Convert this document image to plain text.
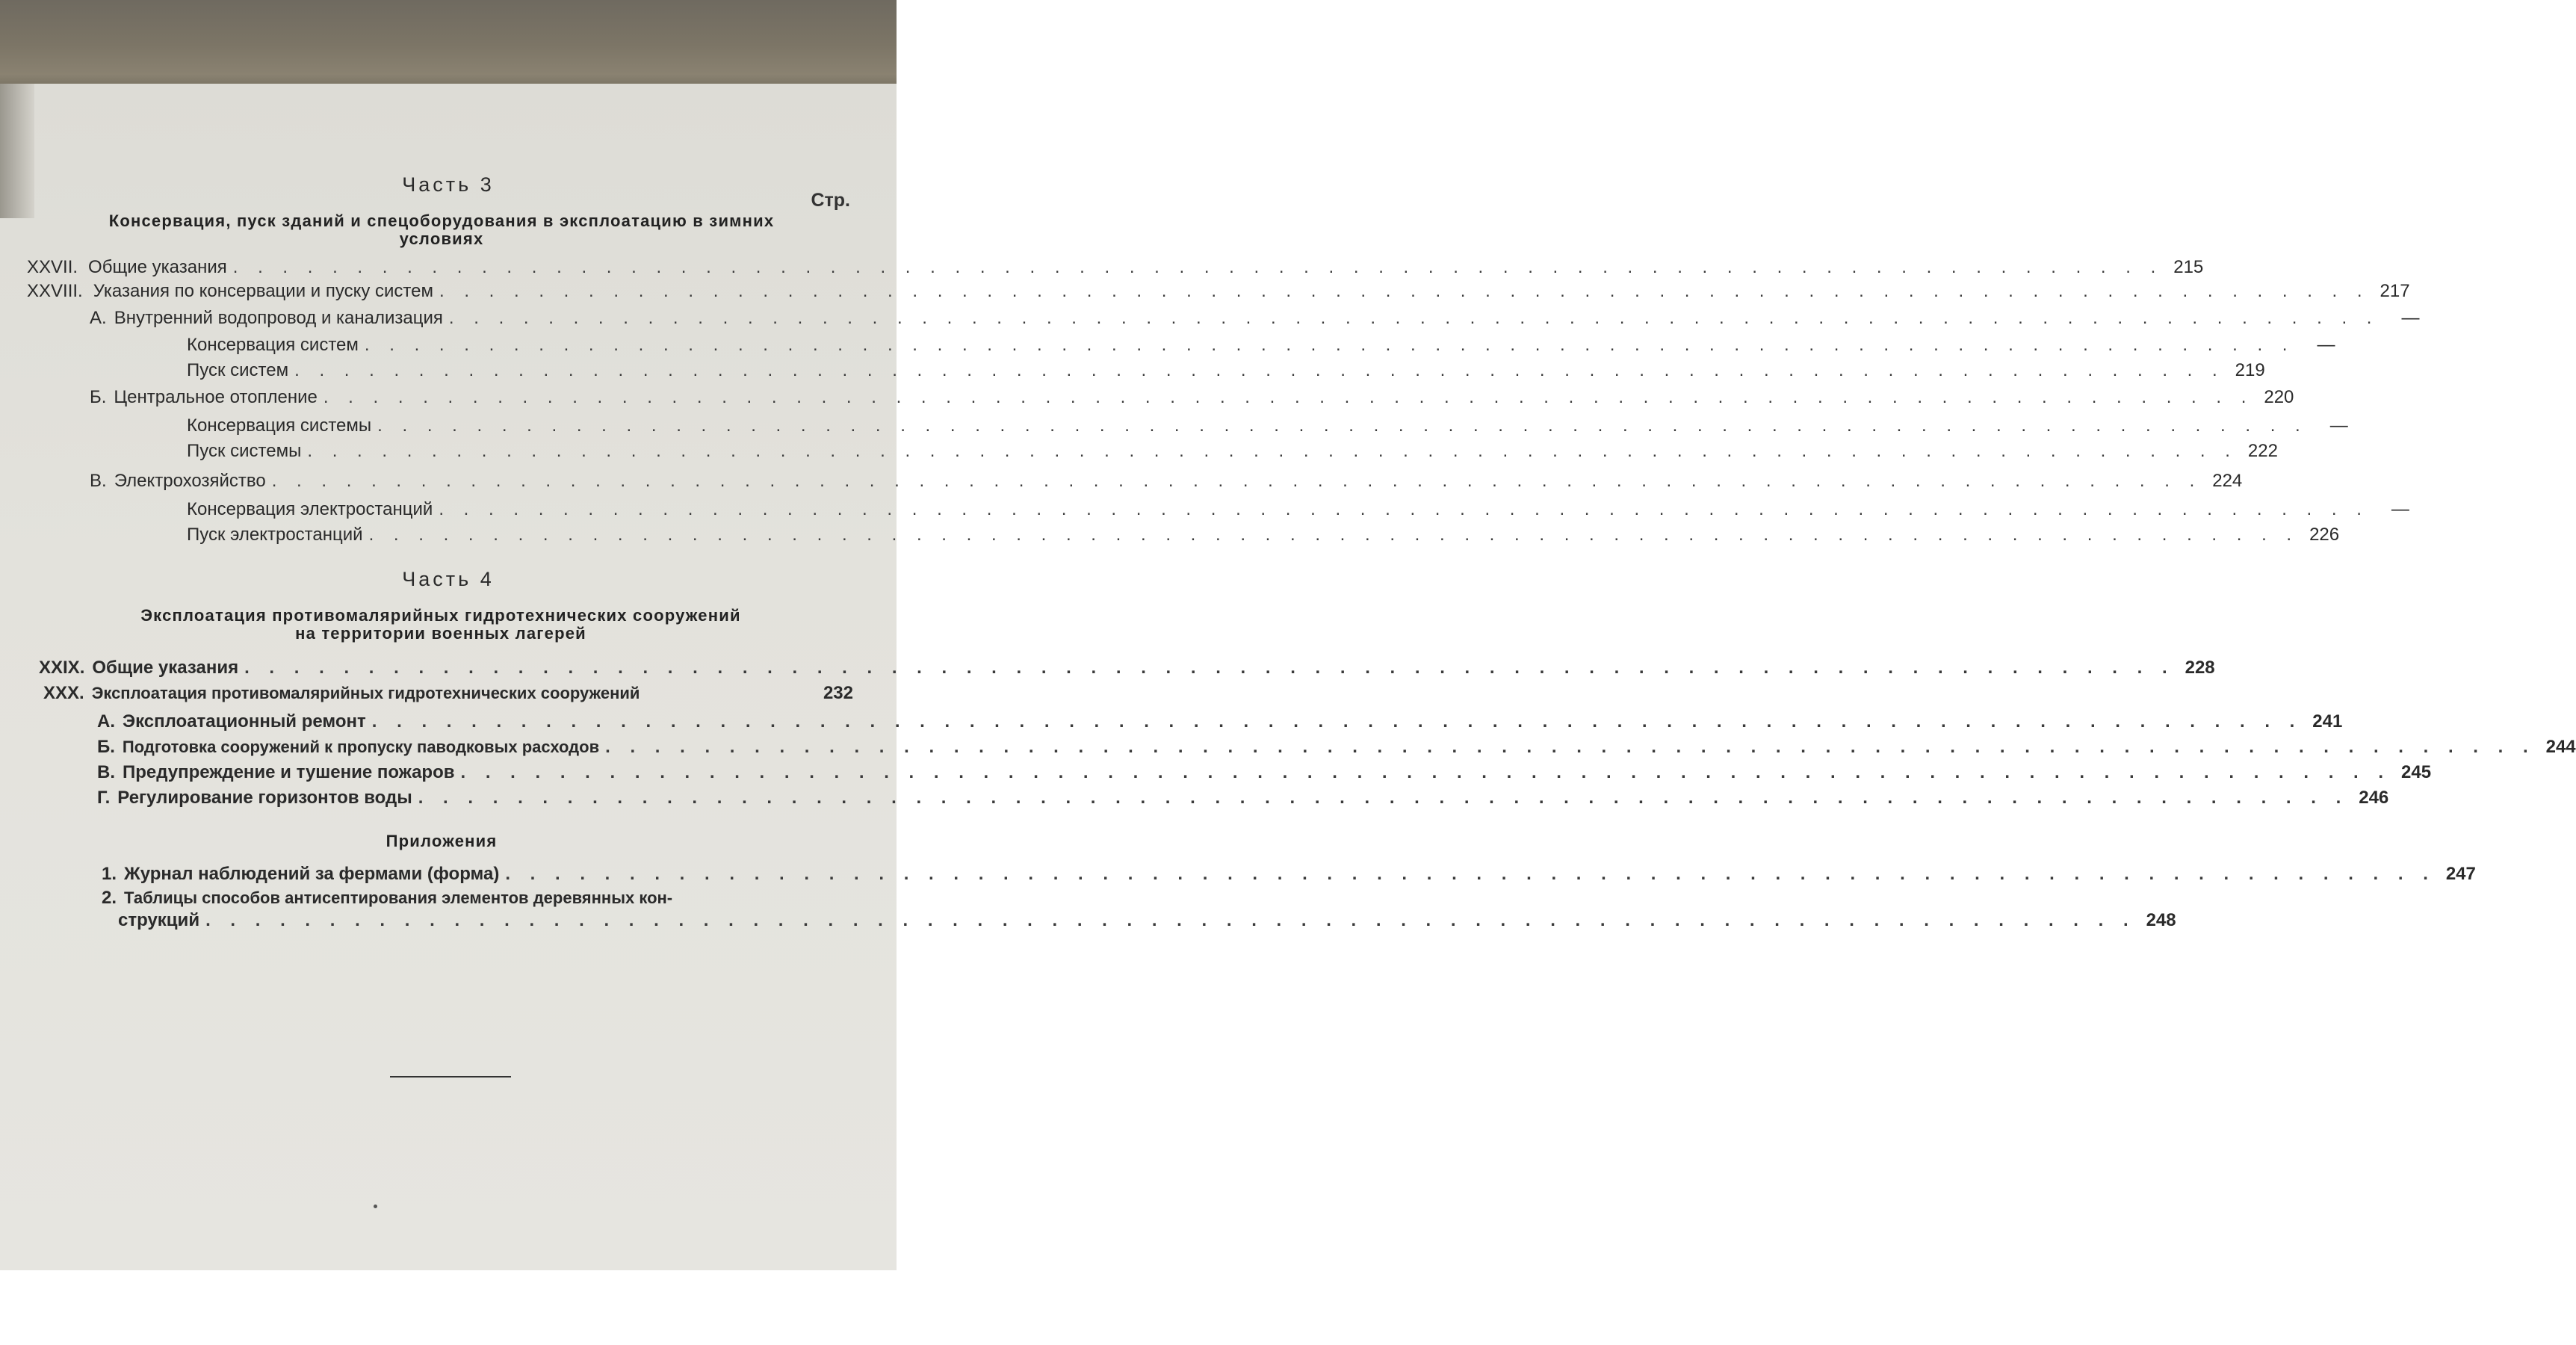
Стр.
Часть 3
Консервация, пуск зданий и спецоборудования в эксплоатацию в зимних
условиях
XXVII. Общие указания . . . . . . . . . . . . . . . . . . . . . . . . . . . . . . . . . . . . . . . . . . . . . . . . . . . . . . . . . . . . . . . . . . . . . . . . . . . . . . 215
XXVIII. Указания по консервации и пуску систем . . . . . . . . . . . . . . . . . . . . . . . . . . . . . . . . . . . . . . . . . . . . . . . . . . . . . . . . . . . . . . . . . . . . . . . . . . . . . . 217
А. Внутренний водопровод и канализация . . . . . . . . . . . . . . . . . . . . . . . . . . . . . . . . . . . . . . . . . . . . . . . . . . . . . . . . . . . . . . . . . . . . . . . . . . . . . .	—
Консервация систем . . . . . . . . . . . . . . . . . . . . . . . . . . . . . . . . . . . . . . . . . . . . . . . . . . . . . . . . . . . . . . . . . . . . . . . . . . . . . .	—
Пуск систем . . . . . . . . . . . . . . . . . . . . . . . . . . . . . . . . . . . . . . . . . . . . . . . . . . . . . . . . . . . . . . . . . . . . . . . . . . . . . . 219
Б. Центральное отопление . . . . . . . . . . . . . . . . . . . . . . . . . . . . . . . . . . . . . . . . . . . . . . . . . . . . . . . . . . . . . . . . . . . . . . . . . . . . . . 220
Консервация системы . . . . . . . . . . . . . . . . . . . . . . . . . . . . . . . . . . . . . . . . . . . . . . . . . . . . . . . . . . . . . . . . . . . . . . . . . . . . . .	—
Пуск системы . . . . . . . . . . . . . . . . . . . . . . . . . . . . . . . . . . . . . . . . . . . . . . . . . . . . . . . . . . . . . . . . . . . . . . . . . . . . . . 222
В. Электрохозяйство . . . . . . . . . . . . . . . . . . . . . . . . . . . . . . . . . . . . . . . . . . . . . . . . . . . . . . . . . . . . . . . . . . . . . . . . . . . . . . 224
Консервация электростанций . . . . . . . . . . . . . . . . . . . . . . . . . . . . . . . . . . . . . . . . . . . . . . . . . . . . . . . . . . . . . . . . . . . . . . . . . . . . . .	—
Пуск электростанций . . . . . . . . . . . . . . . . . . . . . . . . . . . . . . . . . . . . . . . . . . . . . . . . . . . . . . . . . . . . . . . . . . . . . . . . . . . . . . 226
Часть 4
Эксплоатация противомалярийных гидротехнических сооружений
на территории военных лагерей
XXIX. Общие указания . . . . . . . . . . . . . . . . . . . . . . . . . . . . . . . . . . . . . . . . . . . . . . . . . . . . . . . . . . . . . . . . . . . . . . . . . . . . . . 228
XXX. Эксплоатация противомалярийных гидротехнических сооружений	232
А. Эксплоатационный ремонт . . . . . . . . . . . . . . . . . . . . . . . . . . . . . . . . . . . . . . . . . . . . . . . . . . . . . . . . . . . . . . . . . . . . . . . . . . . . . . 241
Б. Подготовка сооружений к пропуску паводковых расходов . . . . . . . . . . . . . . . . . . . . . . . . . . . . . . . . . . . . . . . . . . . . . . . . . . . . . . . . . . . . . . . . . . . . . . . . . . . . . . 244
В. Предупреждение и тушение пожаров . . . . . . . . . . . . . . . . . . . . . . . . . . . . . . . . . . . . . . . . . . . . . . . . . . . . . . . . . . . . . . . . . . . . . . . . . . . . . . 245
Г. Регулирование горизонтов воды . . . . . . . . . . . . . . . . . . . . . . . . . . . . . . . . . . . . . . . . . . . . . . . . . . . . . . . . . . . . . . . . . . . . . . . . . . . . . . 246
Приложения
1. Журнал наблюдений за фермами (форма) . . . . . . . . . . . . . . . . . . . . . . . . . . . . . . . . . . . . . . . . . . . . . . . . . . . . . . . . . . . . . . . . . . . . . . . . . . . . . . 247
2. Таблицы способов антисептирования элементов деревянных кон-
струкций . . . . . . . . . . . . . . . . . . . . . . . . . . . . . . . . . . . . . . . . . . . . . . . . . . . . . . . . . . . . . . . . . . . . . . . . . . . . . . 248
